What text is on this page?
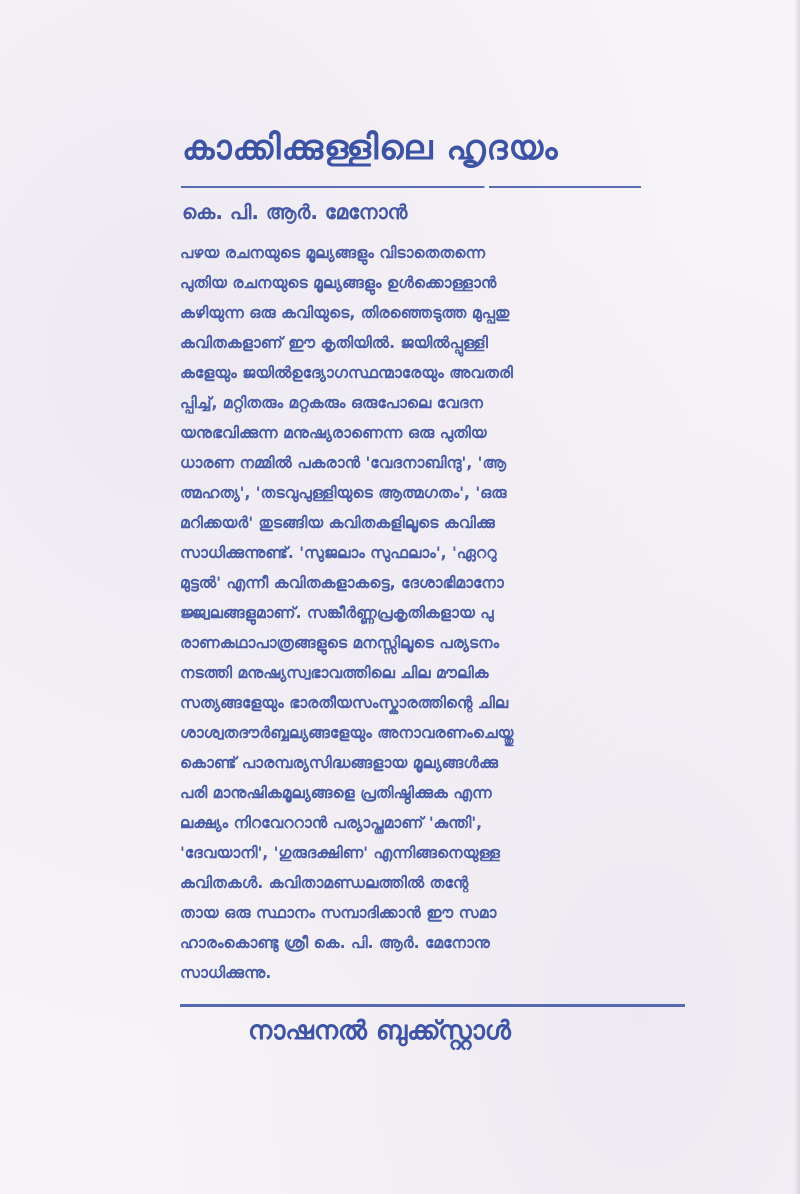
കാക്കിക്കുള്ളിലെ ഹൃദയം

കെ. പി. ആർ. മേനോൻ

പഴയ രചനയുടെ മൂല്യങ്ങളും വിടാതെതന്നെ
പുതിയ രചനയുടെ മൂല്യങ്ങളും ഉൾക്കൊള്ളാൻ
കഴിയുന്ന ഒരു കവിയുടെ, തിരഞ്ഞെടുത്ത മുപ്പതു
കവിതകളാണ് ഈ കൃതിയിൽ. ജയിൽപ്പുള്ളി
കളേയും ജയിൽഉദ്യോഗസ്ഥന്മാരേയും അവതരി
പ്പിച്ച്, മറ്റിതരും മറ്റകരും ഒരുപോലെ വേദന
യനുഭവിക്കുന്ന മനുഷ്യരാണെന്ന ഒരു പുതിയ
ധാരണ നമ്മിൽ പകരാൻ 'വേദനാബിന്ദു', 'ആ
ത്മഹത്യ', 'തടവുപുള്ളിയുടെ ആത്മഗതം', 'ഒരു
മറിക്കയർ' തുടങ്ങിയ കവിതകളിലൂടെ കവിക്കു
സാധിക്കുന്നുണ്ട്. 'സുജലാം സുഫലാം', 'ഏററു
മുട്ടൽ' എന്നീ കവിതകളാകട്ടെ, ദേശാഭിമാനോ
ജ്ജ്വലങ്ങളുമാണ്. സങ്കീർണ്ണപ്രകൃതികളായ പു
രാണകഥാപാത്രങ്ങളുടെ മനസ്സിലൂടെ പര്യടനം
നടത്തി മനുഷ്യസ്വഭാവത്തിലെ ചില മൗലിക
സത്യങ്ങളേയും ഭാരതീയസംസ്കാരത്തിന്റെ ചില
ശാശ്വതദൗർബ്ബല്യങ്ങളേയും അനാവരണംചെയ്തു
കൊണ്ട് പാരമ്പര്യസിദ്ധങ്ങളായ മൂല്യങ്ങൾക്കു
പരി മാനുഷികമൂല്യങ്ങളെ പ്രതിഷ്ഠിക്കുക എന്ന
ലക്ഷ്യം നിറവേററാൻ പര്യാപ്തമാണ് 'കുന്തി',
'ദേവയാനി', 'ഗുരുദക്ഷിണ' എന്നിങ്ങനെയുള്ള
കവിതകൾ. കവിതാമണ്ഡലത്തിൽ തന്റേ
തായ ഒരു സ്ഥാനം സമ്പാദിക്കാൻ ഈ സമാ
ഹാരംകൊണ്ടു ശ്രീ കെ. പി. ആർ. മേനോനു
സാധിക്കുന്നു.

നാഷനൽ ബുക്ക്സ്റ്റാൾ
